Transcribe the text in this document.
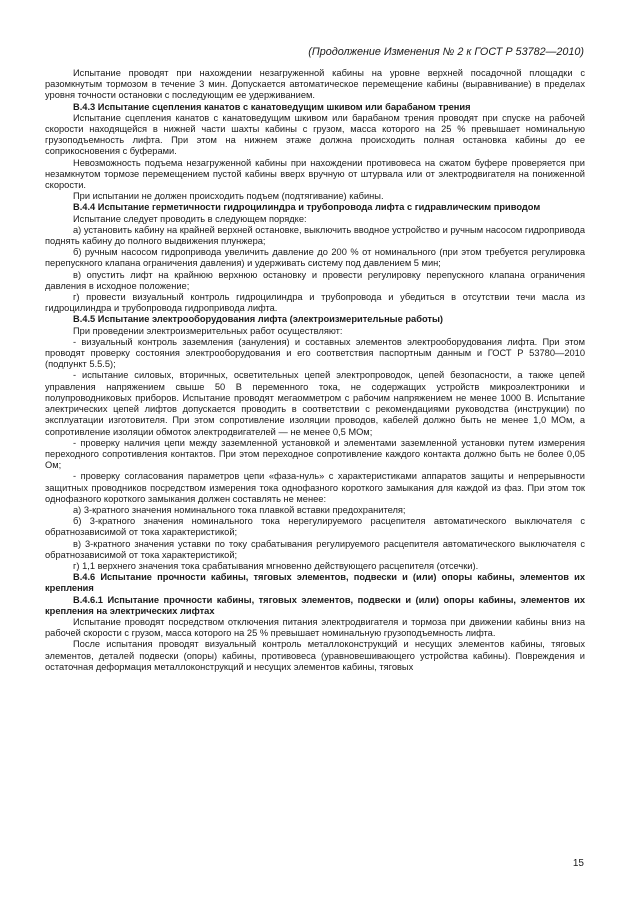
(Продолжение Изменения № 2 к ГОСТ Р 53782—2010)

Испытание проводят при нахождении незагруженной кабины на уровне верхней посадочной площадки с разомкнутым тормозом в течение 3 мин. Допускается автоматическое перемещение кабины (выравнивание) в пределах уровня точности остановки с последующим ее удерживанием.

В.4.3 Испытание сцепления канатов с канатоведущим шкивом или барабаном трения

Испытание сцепления канатов с канатоведущим шкивом или барабаном трения проводят при спуске на рабочей скорости находящейся в нижней части шахты кабины с грузом, масса которого на 25 % превышает номинальную грузоподъемность лифта. При этом на нижнем этаже должна происходить полная остановка кабины до ее соприкосновения с буферами.

Невозможность подъема незагруженной кабины при нахождении противовеса на сжатом буфере проверяется при незамкнутом тормозе перемещением пустой кабины вверх вручную от штурвала или от электродвигателя на пониженной скорости.

При испытании не должен происходить подъем (подтягивание) кабины.

В.4.4 Испытание герметичности гидроцилиндра и трубопровода лифта с гидравлическим приводом

Испытание следует проводить в следующем порядке:

а) установить кабину на крайней верхней остановке, выключить вводное устройство и ручным насосом гидропривода поднять кабину до полного выдвижения плунжера;

б) ручным насосом гидропривода увеличить давление до 200 % от номинального (при этом требуется регулировка перепускного клапана ограничения давления) и удерживать систему под давлением 5 мин;

в) опустить лифт на крайнюю верхнюю остановку и провести регулировку перепускного клапана ограничения давления в исходное положение;

г) провести визуальный контроль гидроцилиндра и трубопровода и убедиться в отсутствии течи масла из гидроцилиндра и трубопровода гидропривода лифта.

В.4.5 Испытание электрооборудования лифта (электроизмерительные работы)

При проведении электроизмерительных работ осуществляют:

- визуальный контроль заземления (зануления) и составных элементов электрооборудования лифта. При этом проводят проверку состояния электрооборудования и его соответствия паспортным данным и ГОСТ Р 53780—2010 (подпункт 5.5.5);

- испытание силовых, вторичных, осветительных цепей электропроводок, цепей безопасности, а также цепей управления напряжением свыше 50 В переменного тока, не содержащих устройств микроэлектроники и полупроводниковых приборов. Испытание проводят мегаомметром с рабочим напряжением не менее 1000 В. Испытание электрических цепей лифтов допускается проводить в соответствии с рекомендациями руководства (инструкции) по эксплуатации изготовителя. При этом сопротивление изоляции проводов, кабелей должно быть не менее 1,0 МОм, а сопротивление изоляции обмоток электродвигателей — не менее 0,5 МОм;

- проверку наличия цепи между заземленной установкой и элементами заземленной установки путем измерения переходного сопротивления контактов. При этом переходное сопротивление каждого контакта должно быть не более 0,05 Ом;

- проверку согласования параметров цепи «фаза-нуль» с характеристиками аппаратов защиты и непрерывности защитных проводников посредством измерения тока однофазного короткого замыкания для каждой из фаз. При этом ток однофазного короткого замыкания должен составлять не менее:

а) 3-кратного значения номинального тока плавкой вставки предохранителя;

б) 3-кратного значения номинального тока нерегулируемого расцепителя автоматического выключателя с обратнозависимой от тока характеристикой;

в) 3-кратного значения уставки по току срабатывания регулируемого расцепителя автоматического выключателя с обратнозависимой от тока характеристикой;

г) 1,1 верхнего значения тока срабатывания мгновенно действующего расцепителя (отсечки).

В.4.6 Испытание прочности кабины, тяговых элементов, подвески и (или) опоры кабины, элементов их крепления

В.4.6.1 Испытание прочности кабины, тяговых элементов, подвески и (или) опоры кабины, элементов их крепления на электрических лифтах

Испытание проводят посредством отключения питания электродвигателя и тормоза при движении кабины вниз на рабочей скорости с грузом, масса которого на 25 % превышает номинальную грузоподъемность лифта.

После испытания проводят визуальный контроль металлоконструкций и несущих элементов кабины, тяговых элементов, деталей подвески (опоры) кабины, противовеса (уравновешивающего устройства кабины). Повреждения и остаточная деформация металлоконструкций и несущих элементов кабины, тяговых

15
